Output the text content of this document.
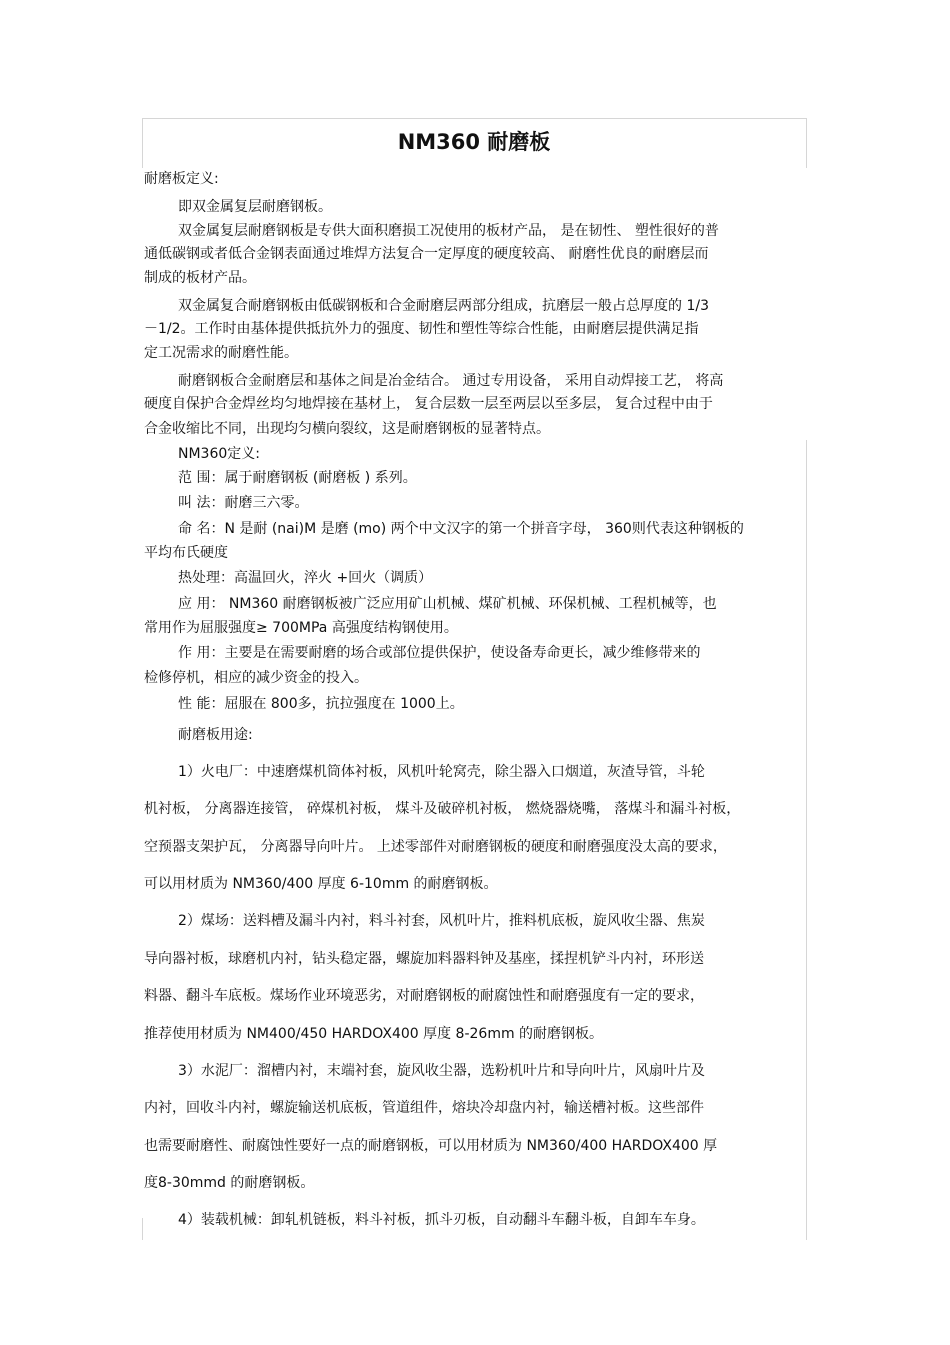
NM360 耐磨板
耐磨板定义:
即双金属复层耐磨钢板。
双金属复层耐磨钢板是专供大面积磨损工况使用的板材产品， 是在韧性、 塑性很好的普
通低碳钢或者低合金钢表面通过堆焊方法复合一定厚度的硬度较高、 耐磨性优良的耐磨层而
制成的板材产品。
双金属复合耐磨钢板由低碳钢板和合金耐磨层两部分组成，抗磨层一般占总厚度的 1/3
－1/2。工作时由基体提供抵抗外力的强度、韧性和塑性等综合性能，由耐磨层提供满足指
定工况需求的耐磨性能。
耐磨钢板合金耐磨层和基体之间是冶金结合。 通过专用设备， 采用自动焊接工艺， 将高
硬度自保护合金焊丝均匀地焊接在基材上， 复合层数一层至两层以至多层， 复合过程中由于
合金收缩比不同，出现均匀横向裂纹，这是耐磨钢板的显著特点。
NM360定义:
范 围：属于耐磨钢板 (耐磨板 ) 系列。
叫 法：耐磨三六零。
命 名：N 是耐 (nai)M 是磨 (mo) 两个中文汉字的第一个拼音字母， 360则代表这种钢板的
平均布氏硬度
热处理：高温回火，淬火 +回火（调质）
应 用： NM360 耐磨钢板被广泛应用矿山机械、煤矿机械、环保机械、工程机械等，也
常用作为屈服强度≥ 700MPa 高强度结构钢使用。
作 用：主要是在需要耐磨的场合或部位提供保护，使设备寿命更长，减少维修带来的
检修停机，相应的减少资金的投入。
性 能：屈服在 800多，抗拉强度在 1000上。
耐磨板用途:
1）火电厂：中速磨煤机筒体衬板，风机叶轮窝壳，除尘器入口烟道，灰渣导管，斗轮
机衬板， 分离器连接管， 碎煤机衬板， 煤斗及破碎机衬板， 燃烧器烧嘴， 落煤斗和漏斗衬板，
空预器支架护瓦， 分离器导向叶片。 上述零部件对耐磨钢板的硬度和耐磨强度没太高的要求，
可以用材质为 NM360/400 厚度 6-10mm 的耐磨钢板。
2）煤场：送料槽及漏斗内衬，料斗衬套，风机叶片，推料机底板，旋风收尘器、焦炭
导向器衬板，球磨机内衬，钻头稳定器，螺旋加料器料钟及基座，揉捏机铲斗内衬，环形送
料器、翻斗车底板。煤场作业环境恶劣，对耐磨钢板的耐腐蚀性和耐磨强度有一定的要求，
推荐使用材质为 NM400/450 HARDOX400 厚度 8-26mm 的耐磨钢板。
3）水泥厂：溜槽内衬，末端衬套，旋风收尘器，选粉机叶片和导向叶片，风扇叶片及
内衬，回收斗内衬，螺旋输送机底板，管道组件，熔块冷却盘内衬，输送槽衬板。这些部件
也需要耐磨性、耐腐蚀性要好一点的耐磨钢板，可以用材质为 NM360/400 HARDOX400 厚
度8-30mmd 的耐磨钢板。
4）装载机械：卸轧机链板，料斗衬板，抓斗刃板，自动翻斗车翻斗板，自卸车车身。
